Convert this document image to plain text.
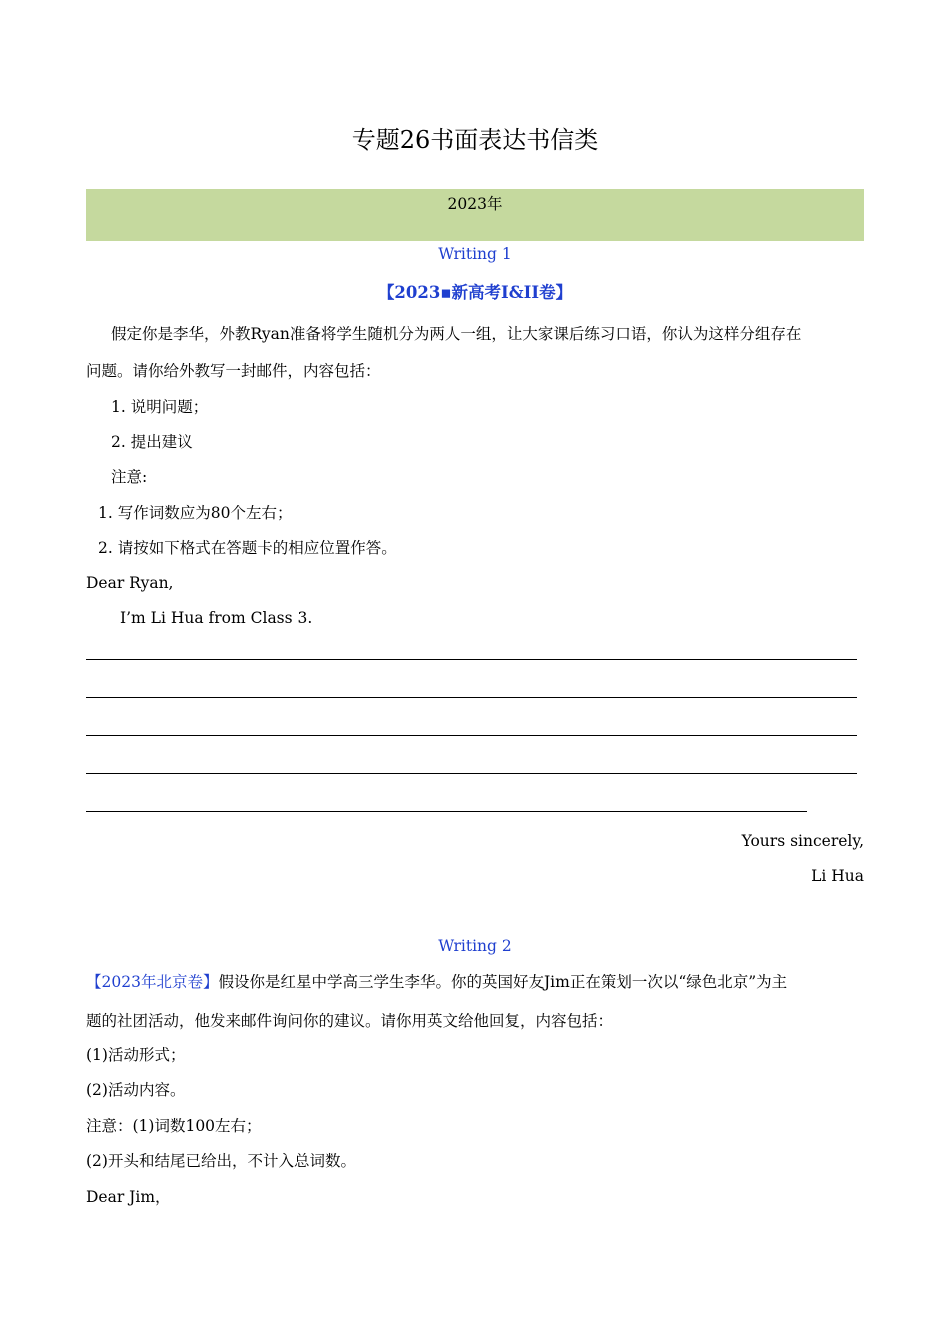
专题26书面表达书信类
2023年
Writing 1
【2023▪新高考I&II卷】
假定你是李华，外教Ryan准备将学生随机分为两人一组，让大家课后练习口语，你认为这样分组存在
问题。请你给外教写一封邮件，内容包括：
1. 说明问题；
2. 提出建议
注意:
1. 写作词数应为80个左右；
2. 请按如下格式在答题卡的相应位置作答。
Dear Ryan,
I’m Li Hua from Class 3.
Yours sincerely,
Li Hua
Writing 2
【2023年北京卷】假设你是红星中学高三学生李华。你的英国好友Jim正在策划一次以“绿色北京”为主
题的社团活动，他发来邮件询问你的建议。请你用英文给他回复，内容包括：
(1)活动形式；
(2)活动内容。
注意：(1)词数100左右；
(2)开头和结尾已给出，不计入总词数。
Dear Jim，
